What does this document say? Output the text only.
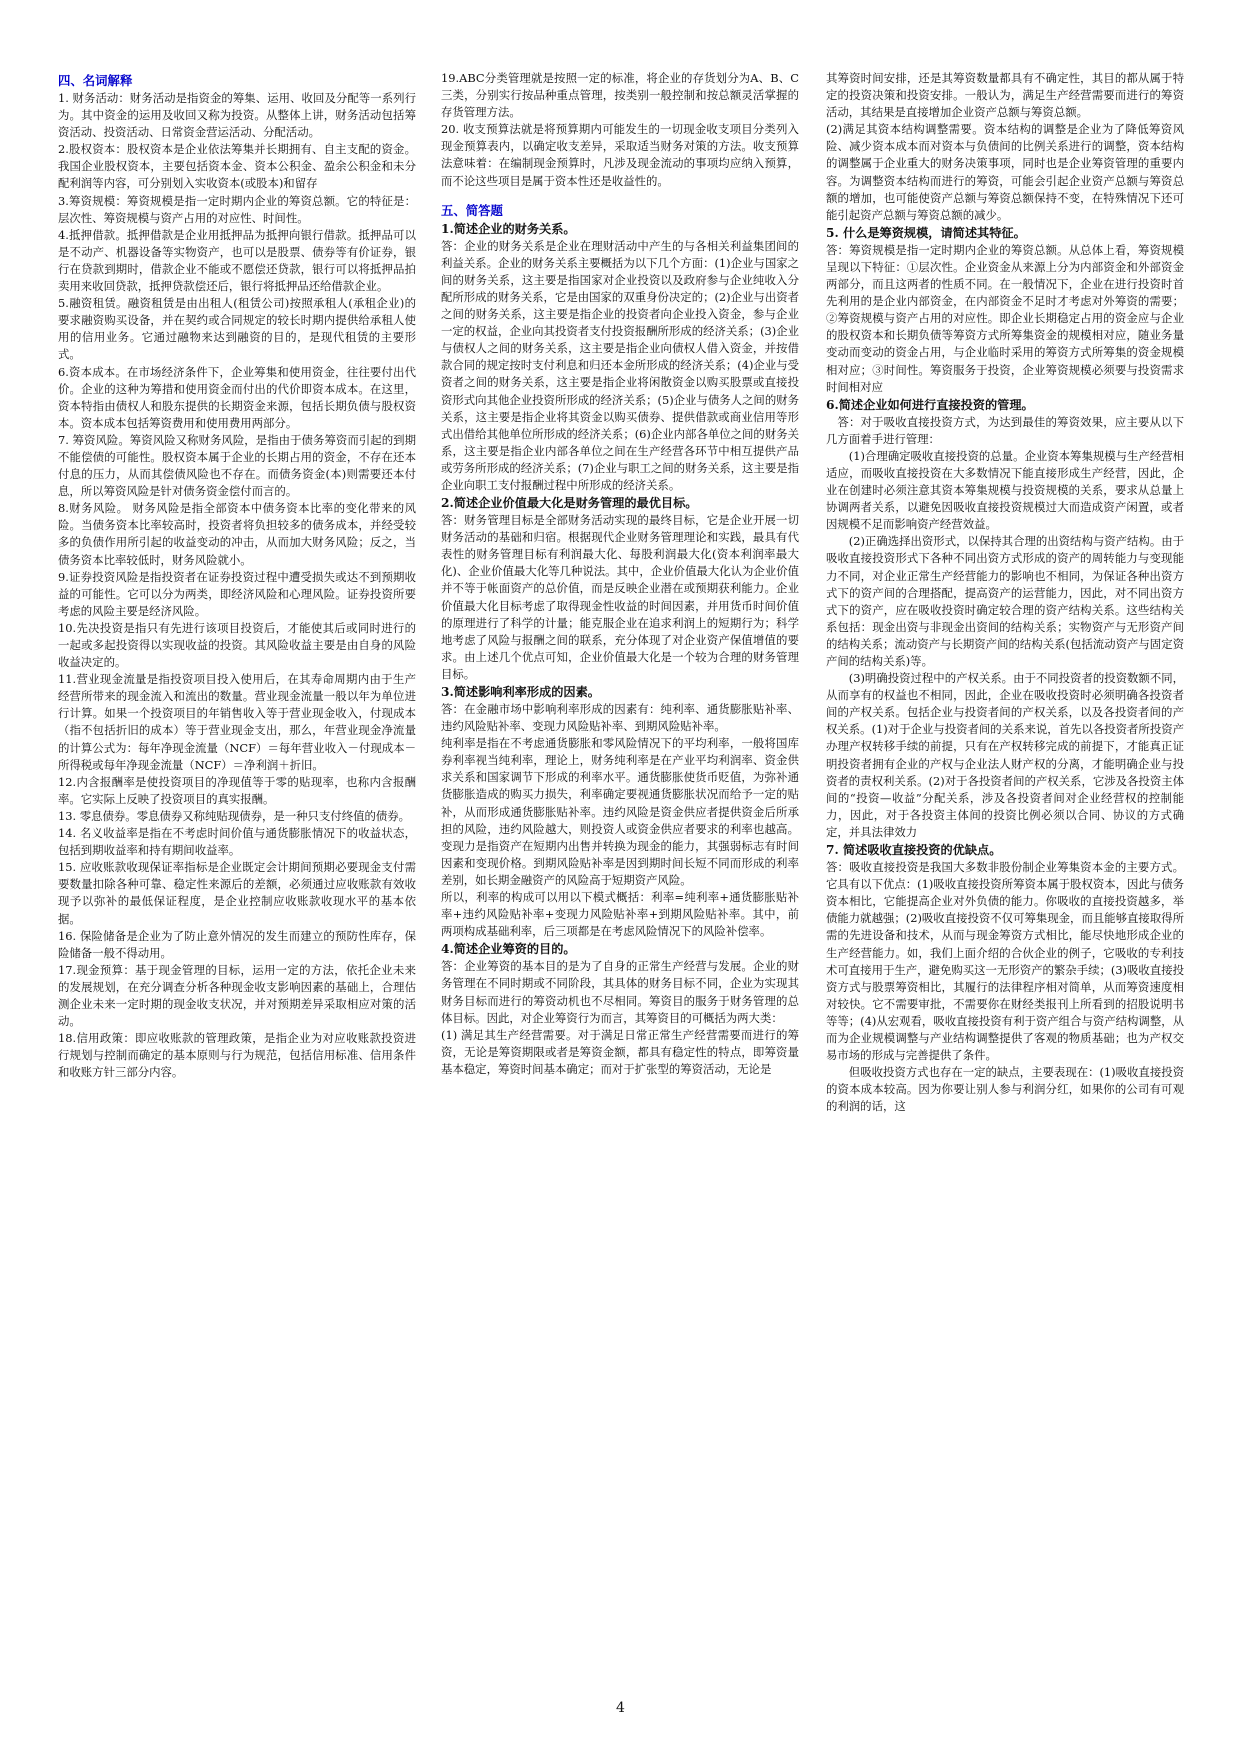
四、名词解释

1. 财务活动：财务活动是指资金的筹集、运用、收回及分配等一系列行为。其中资金的运用及收回又称为投资。从整体上讲，财务活动包括筹资活动、投资活动、日常资金营运活动、分配活动。

2.股权资本：股权资本是企业依法筹集并长期拥有、自主支配的资金。我国企业股权资本，主要包括资本金、资本公积金、盈余公积金和未分配利润等内容，可分别划入实收资本(或股本)和留存

3.筹资规模：筹资规模是指一定时期内企业的筹资总额。它的特征是：层次性、筹资规模与资产占用的对应性、时间性。

4.抵押借款。抵押借款是企业用抵押品为抵押向银行借款。抵押品可以是不动产、机器设备等实物资产，也可以是股票、债券等有价证券，银行在贷款到期时，借款企业不能或不愿偿还贷款，银行可以将抵押品拍卖用来收回贷款，抵押贷款偿还后，银行将抵押品还给借款企业。

5.融资租赁。融资租赁是由出租人(租赁公司)按照承租人(承租企业)的要求融资购买设备，并在契约或合同规定的较长时期内提供给承租人使用的信用业务。它通过融物来达到融资的目的，是现代租赁的主要形式。

6.资本成本。在市场经济条件下，企业筹集和使用资金，往往要付出代价。企业的这种为筹措和使用资金而付出的代价即资本成本。在这里，资本特指由债权人和股东提供的长期资金来源，包括长期负债与股权资本。资本成本包括筹资费用和使用费用两部分。

7. 筹资风险。筹资风险又称财务风险，是指由于债务筹资而引起的到期不能偿债的可能性。股权资本属于企业的长期占用的资金，不存在还本付息的压力，从而其偿债风险也不存在。而债务资金(本)则需要还本付息，所以筹资风险是针对债务资金偿付而言的。

8.财务风险。 财务风险是指全部资本中债务资本比率的变化带来的风险。当债务资本比率较高时，投资者将负担较多的债务成本，并经受较多的负债作用所引起的收益变动的冲击，从而加大财务风险；反之，当债务资本比率较低时，财务风险就小。

9.证券投资风险是指投资者在证券投资过程中遭受损失或达不到预期收益的可能性。它可以分为两类，即经济风险和心理风险。证券投资所要考虑的风险主要是经济风险。

10.先决投资是指只有先进行该项目投资后，才能使其后或同时进行的一起或多起投资得以实现收益的投资。其风险收益主要是由自身的风险收益决定的。

11.营业现金流量是指投资项目投入使用后，在其寿命周期内由于生产经营所带来的现金流入和流出的数量。营业现金流量一般以年为单位进行计算。如果一个投资项目的年销售收入等于营业现金收入，付现成本（指不包括折旧的成本）等于营业现金支出，那么，年营业现金净流量的计算公式为：每年净现金流量（NCF）＝每年营业收入－付现成本－所得税或每年净现金流量（NCF）＝净利润＋折旧。

12.内含报酬率是使投资项目的净现值等于零的贴现率，也称内含报酬率。它实际上反映了投资项目的真实报酬。

13. 零息债券。零息债券又称纯贴现债券，是一种只支付终值的债券。

14. 名义收益率是指在不考虑时间价值与通货膨胀情况下的收益状态，包括到期收益率和持有期间收益率。

15. 应收账款收现保证率指标是企业既定会计期间预期必要现金支付需要数量扣除各种可靠、稳定性来源后的差额，必须通过应收账款有效收现予以弥补的最低保证程度，是企业控制应收账款收现水平的基本依据。

16. 保险储备是企业为了防止意外情况的发生而建立的预防性库存，保险储备一般不得动用。

17.现金预算：基于现金管理的目标，运用一定的方法，依托企业未来的发展规划，在充分调查分析各种现金收支影响因素的基础上，合理估测企业未来一定时期的现金收支状况，并对预期差异采取相应对策的活动。

18.信用政策：即应收账款的管理政策，是指企业为对应收账款投资进行规划与控制而确定的基本原则与行为规范，包括信用标准、信用条件和收账方针三部分内容。

19.ABC分类管理就是按照一定的标准，将企业的存货划分为A、B、C三类，分别实行按品种重点管理，按类别一般控制和按总额灵活掌握的存货管理方法。

20. 收支预算法就是将预算期内可能发生的一切现金收支项目分类列入现金预算表内，以确定收支差异，采取适当财务对策的方法。收支预算法意味着：在编制现金预算时，凡涉及现金流动的事项均应纳入预算，而不论这些项目是属于资本性还是收益性的。

五、简答题

1.简述企业的财务关系。

答：企业的财务关系是企业在理财活动中产生的与各相关利益集团间的利益关系。企业的财务关系主要概括为以下几个方面：(1)企业与国家之间的财务关系，这主要是指国家对企业投资以及政府参与企业纯收入分配所形成的财务关系，它是由国家的双重身份决定的；(2)企业与出资者之间的财务关系，这主要是指企业的投资者向企业投入资金，参与企业一定的权益，企业向其投资者支付投资报酬所形成的经济关系；(3)企业与债权人之间的财务关系，这主要是指企业向债权人借入资金，并按借款合同的规定按时支付利息和归还本金所形成的经济关系；(4)企业与受资者之间的财务关系，这主要是指企业将闲散资金以购买股票或直接投资形式向其他企业投资所形成的经济关系；(5)企业与债务人之间的财务关系，这主要是指企业将其资金以购买债券、提供借款或商业信用等形式出借给其他单位所形成的经济关系；(6)企业内部各单位之间的财务关系，这主要是指企业内部各单位之间在生产经营各环节中相互提供产品或劳务所形成的经济关系；(7)企业与职工之间的财务关系，这主要是指企业向职工支付报酬过程中所形成的经济关系。

2.简述企业价值最大化是财务管理的最优目标。

答：财务管理目标是全部财务活动实现的最终目标，它是企业开展一切财务活动的基础和归宿。根据现代企业财务管理理论和实践，最具有代表性的财务管理目标有利润最大化、每股利润最大化(资本利润率最大化)、企业价值最大化等几种说法。其中，企业价值最大化认为企业价值并不等于帐面资产的总价值，而是反映企业潜在或预期获利能力。企业价值最大化目标考虑了取得现金性收益的时间因素，并用货币时间价值的原理进行了科学的计量；能克服企业在追求利润上的短期行为；科学地考虑了风险与报酬之间的联系，充分体现了对企业资产保值增值的要求。由上述几个优点可知，企业价值最大化是一个较为合理的财务管理目标。

3.简述影响利率形成的因素。

答：在金融市场中影响利率形成的因素有：纯利率、通货膨胀贴补率、违约风险贴补率、变现力风险贴补率、到期风险贴补率。

纯利率是指在不考虑通货膨胀和零风险情况下的平均利率，一般将国库券利率视当纯利率，理论上，财务纯利率是在产业平均利润率、资金供求关系和国家调节下形成的利率水平。通货膨胀使货币贬值，为弥补通货膨胀造成的购买力损失，利率确定要视通货膨胀状况而给予一定的贴补，从而形成通货膨胀贴补率。违约风险是资金供应者提供资金后所承担的风险，违约风险越大，则投资人或资金供应者要求的利率也越高。变现力是指资产在短期内出售并转换为现金的能力，其强弱标志有时间因素和变现价格。到期风险贴补率是因到期时间长短不同而形成的利率差别，如长期金融资产的风险高于短期资产风险。

所以，利率的构成可以用以下模式概括：利率=纯利率+通货膨胀贴补率+违约风险贴补率+变现力风险贴补率+到期风险贴补率。其中，前两项构成基础利率，后三项都是在考虑风险情况下的风险补偿率。

4.简述企业筹资的目的。

答：企业筹资的基本目的是为了自身的正常生产经营与发展。企业的财务管理在不同时期或不同阶段，其具体的财务目标不同，企业为实现其财务目标而进行的筹资动机也不尽相同。筹资目的服务于财务管理的总体目标。因此，对企业筹资行为而言，其筹资目的可概括为两大类：

(1) 满足其生产经营需要。对于满足日常正常生产经营需要而进行的筹资，无论是筹资期限或者是筹资金额，都具有稳定性的特点，即筹资量基本稳定，筹资时间基本确定；而对于扩张型的筹资活动，无论是

其筹资时间安排，还是其筹资数量都具有不确定性，其目的都从属于特定的投资决策和投资安排。一般认为，满足生产经营需要而进行的筹资活动，其结果是直接增加企业资产总额与筹资总额。

(2)满足其资本结构调整需要。资本结构的调整是企业为了降低筹资风险、减少资本成本而对资本与负债间的比例关系进行的调整，资本结构的调整属于企业重大的财务决策事项，同时也是企业筹资管理的重要内容。为调整资本结构而进行的筹资，可能会引起企业资产总额与筹资总额的增加，也可能使资产总额与筹资总额保持不变，在特殊情况下还可能引起资产总额与筹资总额的减少。

5. 什么是筹资规模，请简述其特征。

答：筹资规模是指一定时期内企业的筹资总额。从总体上看，筹资规模呈现以下特征：①层次性。企业资金从来源上分为内部资金和外部资金两部分，而且这两者的性质不同。在一般情况下，企业在进行投资时首先利用的是企业内部资金，在内部资金不足时才考虑对外筹资的需要；②筹资规模与资产占用的对应性。即企业长期稳定占用的资金应与企业的股权资本和长期负债等筹资方式所筹集资金的规模相对应，随业务量变动而变动的资金占用，与企业临时采用的筹资方式所筹集的资金规模相对应；③时间性。筹资服务于投资，企业筹资规模必须要与投资需求时间相对应

6.简述企业如何进行直接投资的管理。

答：对于吸收直接投资方式，为达到最佳的筹资效果，应主要从以下几方面着手进行管理：

(1)合理确定吸收直接投资的总量。企业资本筹集规模与生产经营相适应，而吸收直接投资在大多数情况下能直接形成生产经营，因此，企业在创建时必须注意其资本筹集规模与投资规模的关系，要求从总量上协调两者关系，以避免因吸收直接投资规模过大而造成资产闲置，或者因规模不足而影响资产经营效益。

(2)正确选择出资形式，以保持其合理的出资结构与资产结构。由于吸收直接投资形式下各种不同出资方式形成的资产的周转能力与变现能力不同，对企业正常生产经营能力的影响也不相同，为保证各种出资方式下的资产间的合理搭配，提高资产的运营能力，因此，对不同出资方式下的资产，应在吸收投资时确定较合理的资产结构关系。这些结构关系包括：现金出资与非现金出资间的结构关系；实物资产与无形资产间的结构关系；流动资产与长期资产间的结构关系(包括流动资产与固定资产间的结构关系)等。

(3)明确投资过程中的产权关系。由于不同投资者的投资数额不同，从而享有的权益也不相同，因此，企业在吸收投资时必须明确各投资者间的产权关系。包括企业与投资者间的产权关系，以及各投资者间的产权关系。(1)对于企业与投资者间的关系来说，首先以各投资者所投资产办理产权转移手续的前提，只有在产权转移完成的前提下，才能真正证明投资者拥有企业的产权与企业法人财产权的分离，才能明确企业与投资者的责权利关系。(2)对于各投资者间的产权关系，它涉及各投资主体间的“投资—收益”分配关系，涉及各投资者间对企业经营权的控制能力，因此，对于各投资主体间的投资比例必须以合同、协议的方式确定，并具法律效力

7. 简述吸收直接投资的优缺点。

答：吸收直接投资是我国大多数非股份制企业筹集资本金的主要方式。它具有以下优点：(1)吸收直接投资所筹资本属于股权资本，因此与债务资本相比，它能提高企业对外负债的能力。你吸收的直接投资越多，举债能力就越强；(2)吸收直接投资不仅可筹集现金，而且能够直接取得所需的先进设备和技术，从而与现金筹资方式相比，能尽快地形成企业的生产经营能力。如，我们上面介绍的合伙企业的例子，它吸收的专利技术可直接用于生产，避免购买这一无形资产的繁杂手续；(3)吸收直接投资方式与股票筹资相比，其履行的法律程序相对简单，从而筹资速度相对较快。它不需要审批，不需要你在财经类报刊上所看到的招股说明书等等；(4)从宏观看，吸收直接投资有利于资产组合与资产结构调整，从而为企业规模调整与产业结构调整提供了客观的物质基础；也为产权交易市场的形成与完善提供了条件。

但吸收投资方式也存在一定的缺点，主要表现在：(1)吸收直接投资的资本成本较高。因为你要让别人参与利润分红，如果你的公司有可观的利润的话，这

4
